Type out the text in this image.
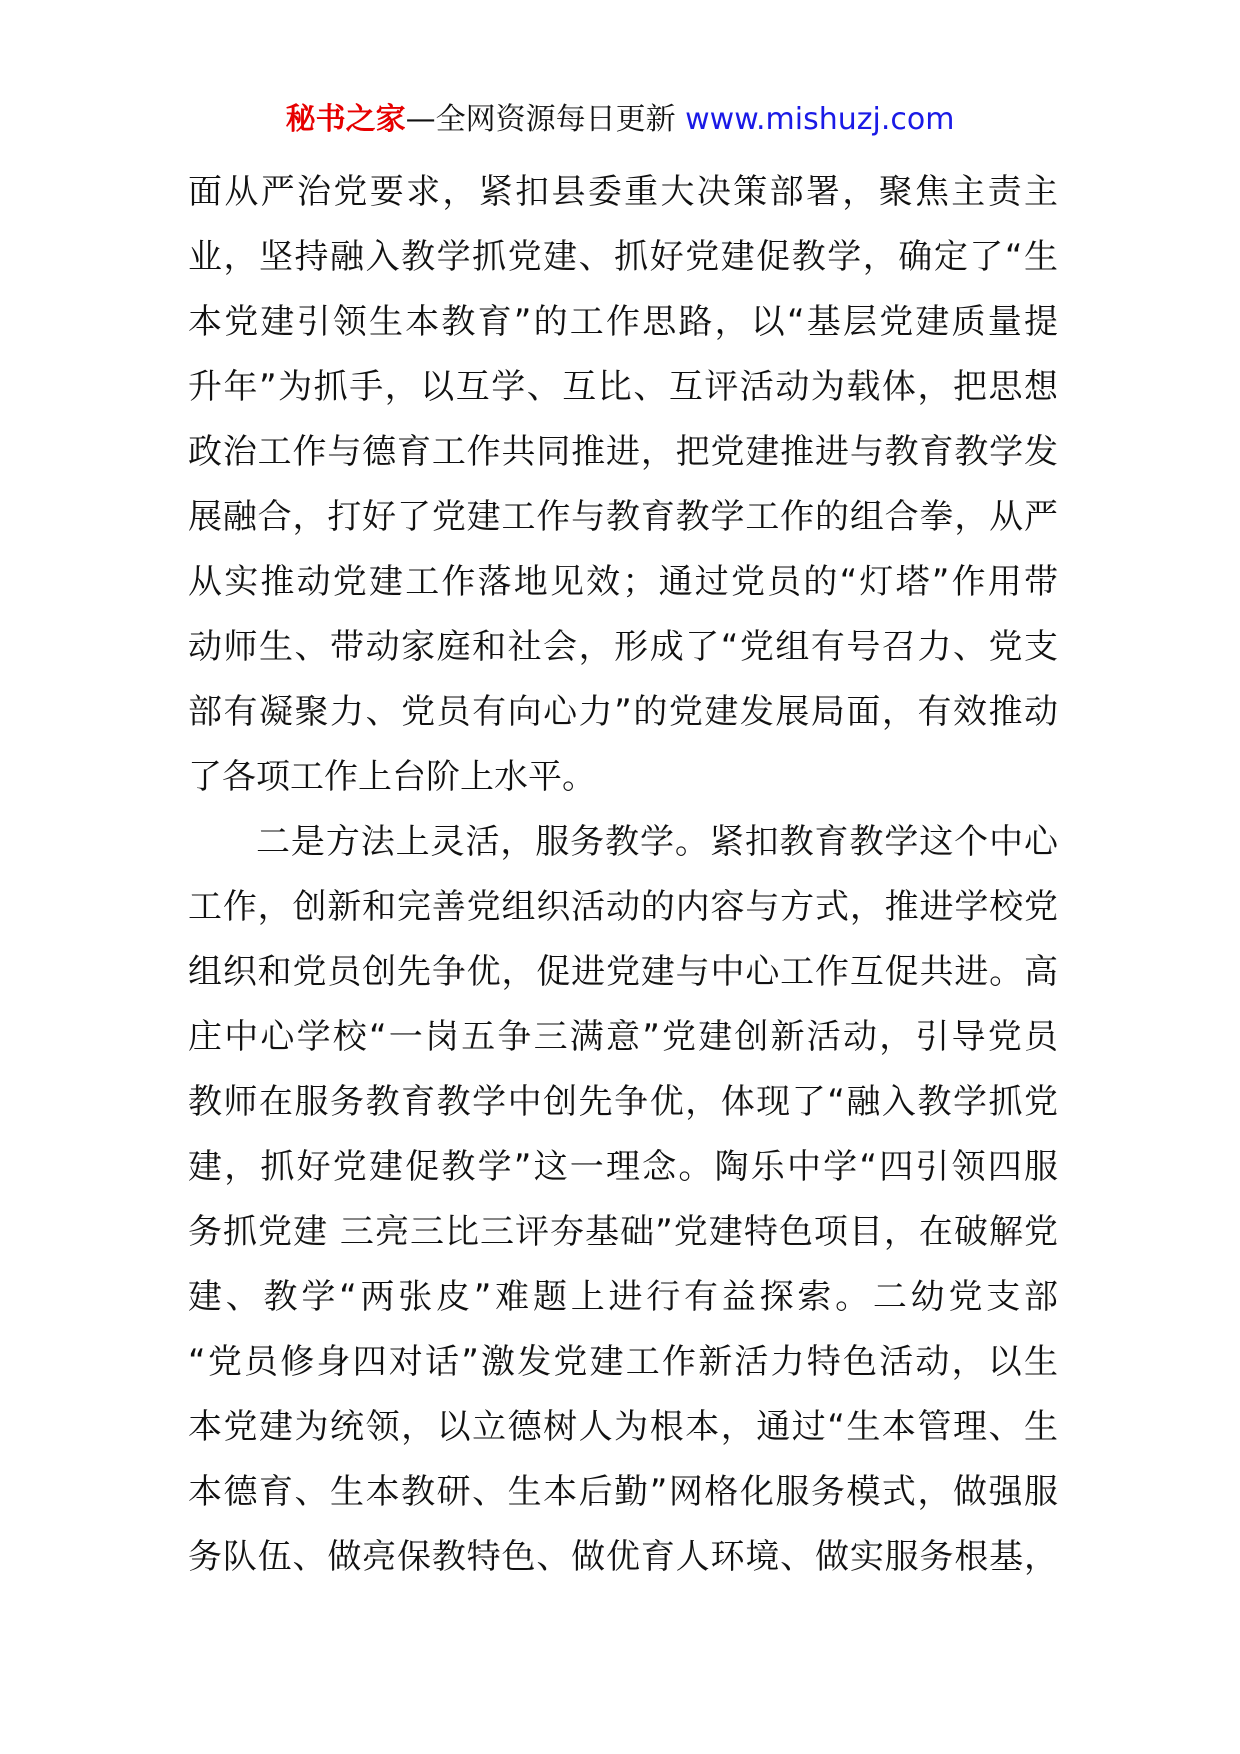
秘书之家—全网资源每日更新 www.mishuzj.com
面从严治党要求，紧扣县委重大决策部署，聚焦主责主
业，坚持融入教学抓党建、抓好党建促教学，确定了“生
本党建引领生本教育”的工作思路，以“基层党建质量提
升年”为抓手，以互学、互比、互评活动为载体，把思想
政治工作与德育工作共同推进，把党建推进与教育教学发
展融合，打好了党建工作与教育教学工作的组合拳，从严
从实推动党建工作落地见效；通过党员的“灯塔”作用带
动师生、带动家庭和社会，形成了“党组有号召力、党支
部有凝聚力、党员有向心力”的党建发展局面，有效推动
了各项工作上台阶上水平。
二是方法上灵活，服务教学。紧扣教育教学这个中心
工作，创新和完善党组织活动的内容与方式，推进学校党
组织和党员创先争优，促进党建与中心工作互促共进。高
庄中心学校“一岗五争三满意”党建创新活动，引导党员
教师在服务教育教学中创先争优，体现了“融入教学抓党
建，抓好党建促教学”这一理念。陶乐中学“四引领四服
务抓党建 三亮三比三评夯基础”党建特色项目，在破解党
建、教学“两张皮”难题上进行有益探索。二幼党支部
“党员修身四对话”激发党建工作新活力特色活动，以生
本党建为统领，以立德树人为根本，通过“生本管理、生
本德育、生本教研、生本后勤”网格化服务模式，做强服
务队伍、做亮保教特色、做优育人环境、做实服务根基，
